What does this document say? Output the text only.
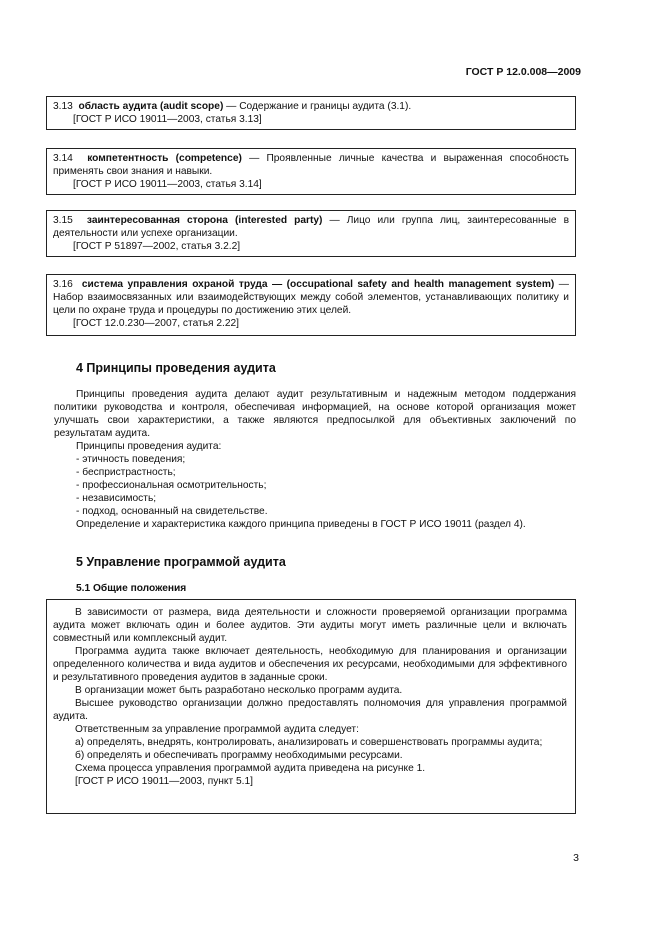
ГОСТ Р 12.0.008—2009

3.13 область аудита (audit scope) — Содержание и границы аудита (3.1).

[ГОСТ Р ИСО 19011—2003, статья 3.13]

3.14 компетентность (competence) — Проявленные личные качества и выраженная способность применять свои знания и навыки.

[ГОСТ Р ИСО 19011—2003, статья 3.14]

3.15 заинтересованная сторона (interested party) — Лицо или группа лиц, заинтересованные в деятельности или успехе организации.

[ГОСТ Р 51897—2002, статья 3.2.2]

3.16 система управления охраной труда — (occupational safety and health management system) — Набор взаимосвязанных или взаимодействующих между собой элементов, устанавливающих политику и цели по охране труда и процедуры по достижению этих целей.

[ГОСТ 12.0.230—2007, статья 2.22]

4 Принципы проведения аудита

Принципы проведения аудита делают аудит результативным и надежным методом поддержания политики руководства и контроля, обеспечивая информацией, на основе которой организация может улучшать свои характеристики, а также являются предпосылкой для объективных заключений по результатам аудита.

Принципы проведения аудита:

- этичность поведения;

- беспристрастность;

- профессиональная осмотрительность;

- независимость;

- подход, основанный на свидетельстве.

Определение и характеристика каждого принципа приведены в ГОСТ Р ИСО 19011 (раздел 4).

5 Управление программой аудита
5.1 Общие положения

В зависимости от размера, вида деятельности и сложности проверяемой организации программа аудита может включать один и более аудитов. Эти аудиты могут иметь различные цели и включать совместный или комплексный аудит.

Программа аудита также включает деятельность, необходимую для планирования и организации определенного количества и вида аудитов и обеспечения их ресурсами, необходимыми для эффективного и результативного проведения аудитов в заданные сроки.

В организации может быть разработано несколько программ аудита.

Высшее руководство организации должно предоставлять полномочия для управления программой аудита.

Ответственным за управление программой аудита следует:

а) определять, внедрять, контролировать, анализировать и совершенствовать программы аудита;

б) определять и обеспечивать программу необходимыми ресурсами.

Схема процесса управления программой аудита приведена на рисунке 1.

[ГОСТ Р ИСО 19011—2003, пункт 5.1]

3
